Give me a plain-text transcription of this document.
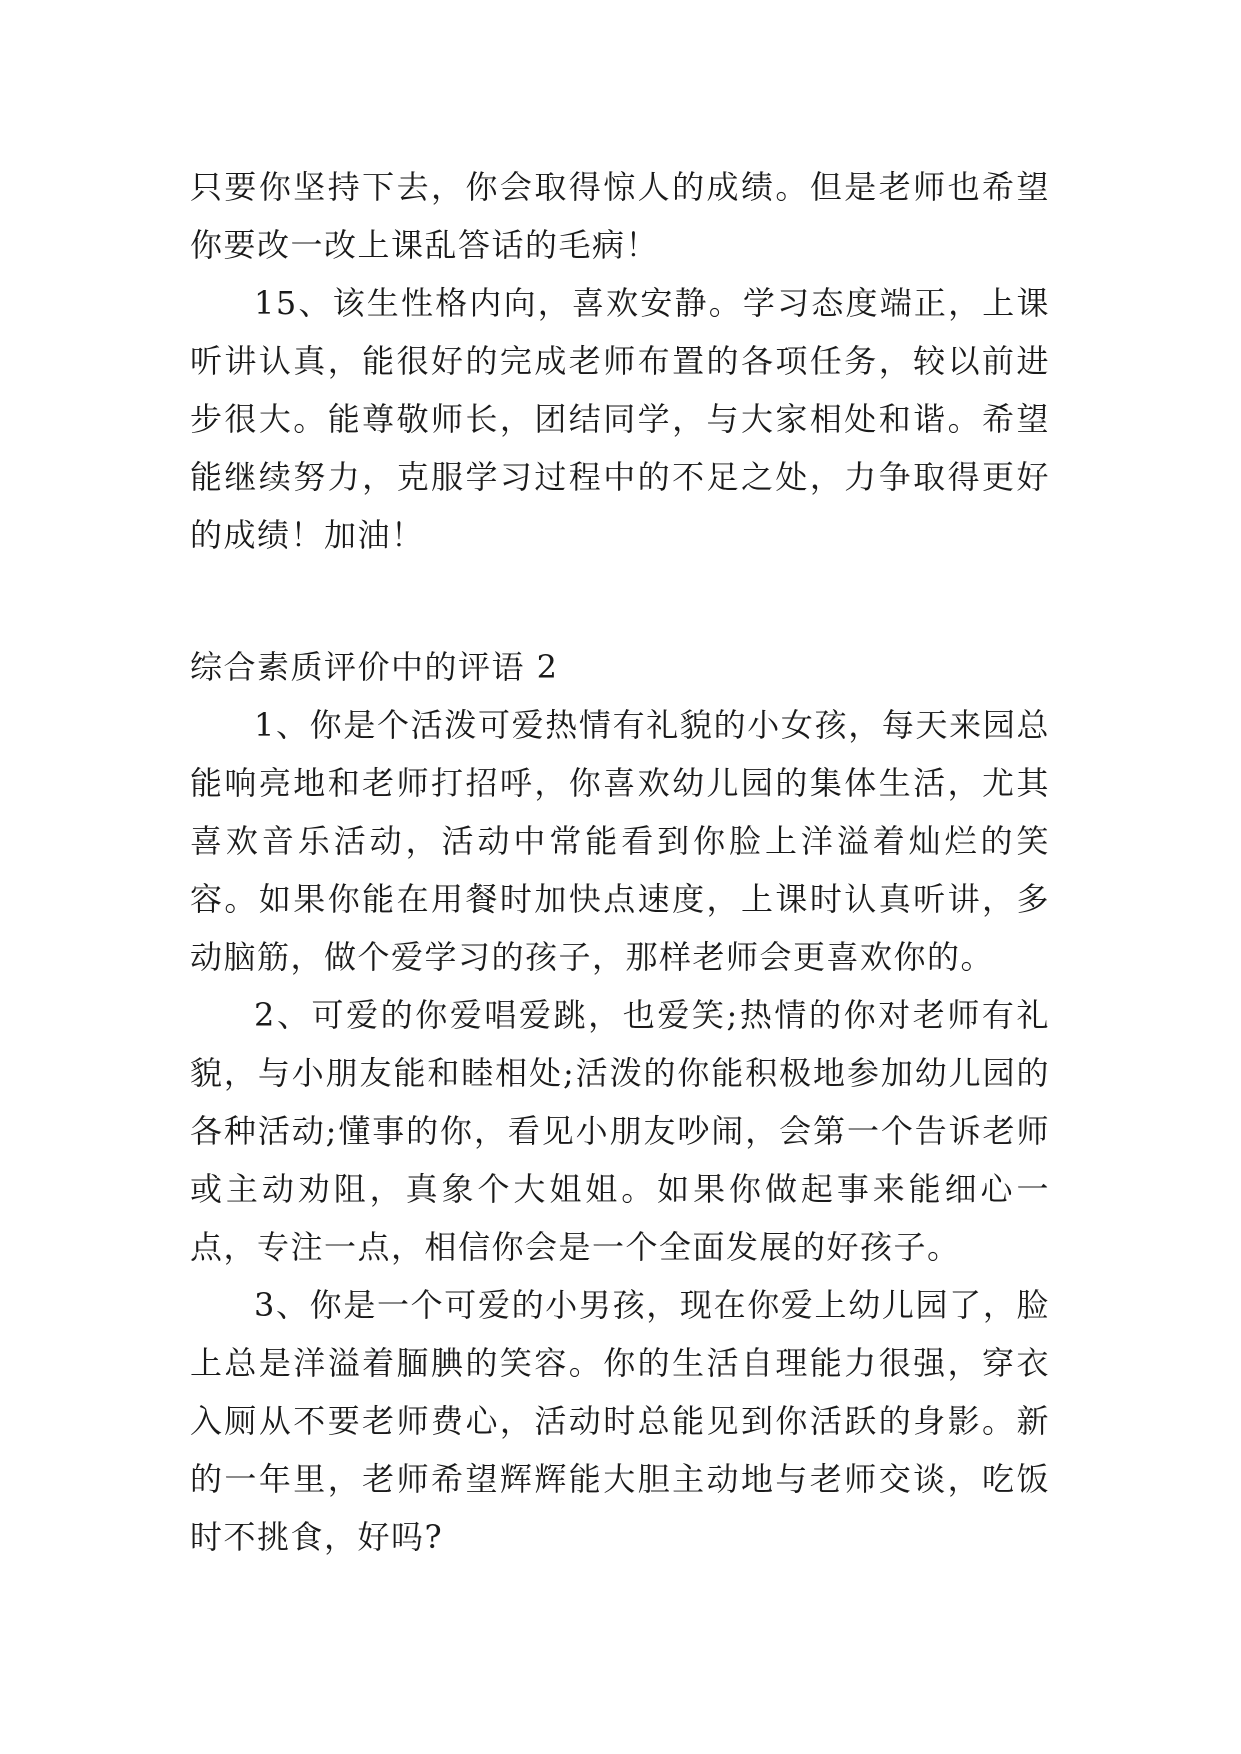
只要你坚持下去，你会取得惊人的成绩。但是老师也希望你要改一改上课乱答话的毛病！

15、该生性格内向，喜欢安静。学习态度端正，上课听讲认真，能很好的完成老师布置的各项任务，较以前进步很大。能尊敬师长，团结同学，与大家相处和谐。希望能继续努力，克服学习过程中的不足之处，力争取得更好的成绩！加油！

综合素质评价中的评语 2

1、你是个活泼可爱热情有礼貌的小女孩，每天来园总能响亮地和老师打招呼，你喜欢幼儿园的集体生活，尤其喜欢音乐活动，活动中常能看到你脸上洋溢着灿烂的笑容。如果你能在用餐时加快点速度，上课时认真听讲，多动脑筋，做个爱学习的孩子，那样老师会更喜欢你的。

2、可爱的你爱唱爱跳，也爱笑;热情的你对老师有礼貌，与小朋友能和睦相处;活泼的你能积极地参加幼儿园的各种活动;懂事的你，看见小朋友吵闹，会第一个告诉老师或主动劝阻，真象个大姐姐。如果你做起事来能细心一点，专注一点，相信你会是一个全面发展的好孩子。

3、你是一个可爱的小男孩，现在你爱上幼儿园了，脸上总是洋溢着腼腆的笑容。你的生活自理能力很强，穿衣入厕从不要老师费心，活动时总能见到你活跃的身影。新的一年里，老师希望辉辉能大胆主动地与老师交谈，吃饭时不挑食，好吗?
